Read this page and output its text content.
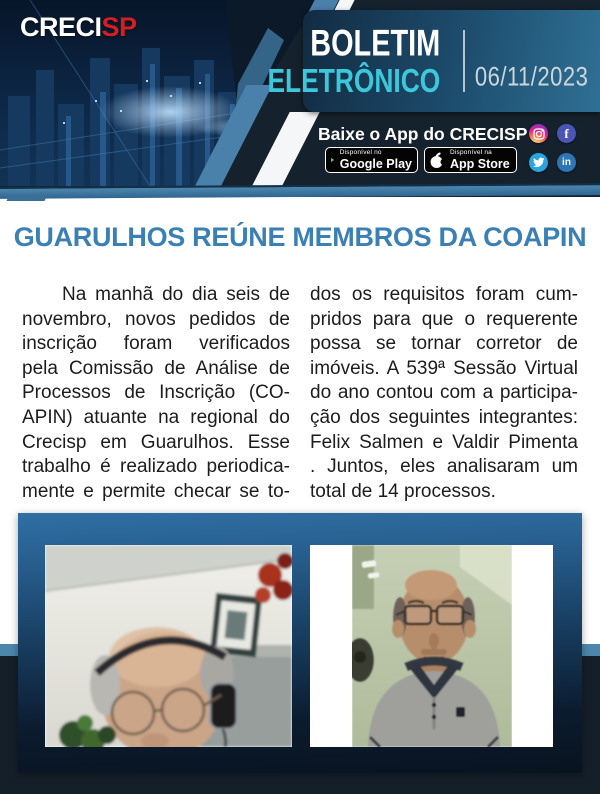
CRECISP	BOLETIM
ELETRÔNICO 06/11/2023
Baixe o App do CRECISP
Disponível no
Google Play
Disponível na
App Store
f
in
GUARULHOS REÚNE MEMBROS DA COAPIN
Na manhã do dia seis de
novembro, novos pedidos de
inscrição foram verificados
pela Comissão de Análise de
Processos de Inscrição (CO-
APIN) atuante na regional do
Crecisp em Guarulhos. Esse
trabalho é realizado periodica-
mente e permite checar se to-
dos os requisitos foram cum-
pridos para que o requerente
possa se tornar corretor de
imóveis. A 539ª Sessão Virtual
do ano contou com a participa-
ção dos seguintes integrantes:
Felix Salmen e Valdir Pimenta
. Juntos, eles analisaram um
total de 14 processos.
